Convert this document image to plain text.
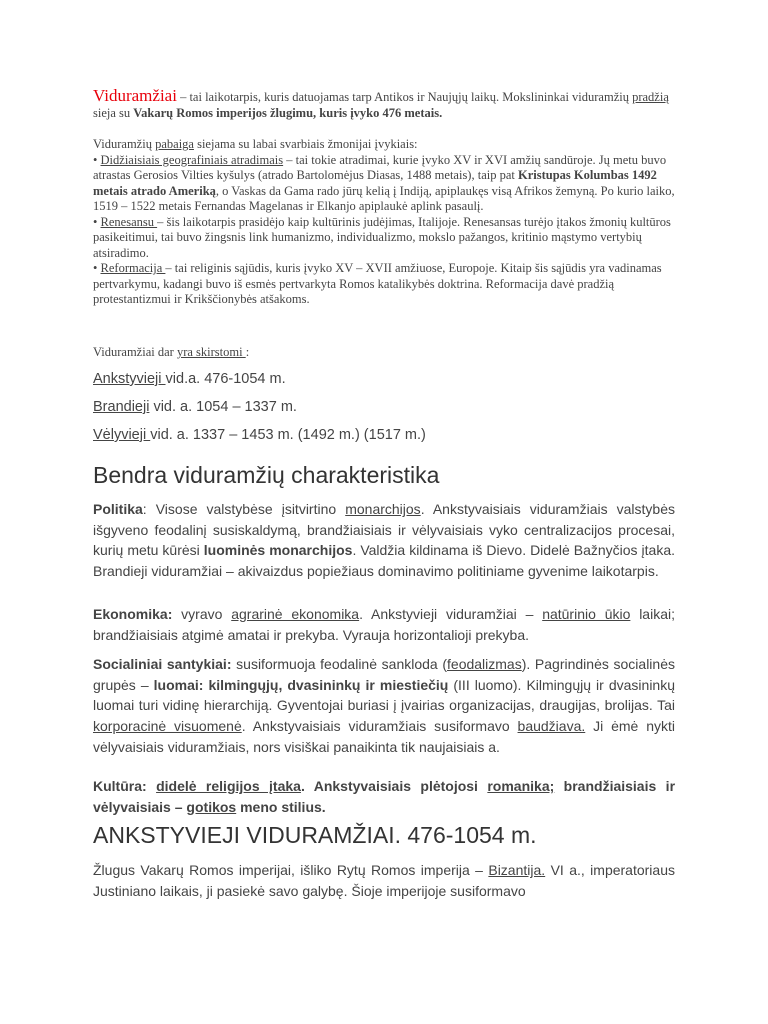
Viduramžiai – tai laikotarpis, kuris datuojamas tarp Antikos ir Naujųjų laikų. Mokslininkai viduramžių pradžią sieja su Vakarų Romos imperijos žlugimu, kuris įvyko 476 metais.

Viduramžių pabaiga siejama su labai svarbiais žmonijai įvykiais:

• Didžiaisiais geografiniais atradimais – tai tokie atradimai, kurie įvyko XV ir XVI amžių sandūroje. Jų metu buvo atrastas Gerosios Vilties kyšulys (atrado Bartolomėjus Diasas, 1488 metais), taip pat Kristupas Kolumbas 1492 metais atrado Ameriką, o Vaskas da Gama rado jūrų kelią į Indiją, apiplaukęs visą Afrikos žemyną. Po kurio laiko, 1519 – 1522 metais Fernandas Magelanas ir Elkanjo apiplaukė aplink pasaulį.

• Renesansu – šis laikotarpis prasidėjo kaip kultūrinis judėjimas, Italijoje. Renesansas turėjo įtakos žmonių kultūros pasikeitimui, tai buvo žingsnis link humanizmo, individualizmo, mokslo pažangos, kritinio mąstymo vertybių atsiradimo.

• Reformacija – tai religinis sąjūdis, kuris įvyko XV – XVII amžiuose, Europoje. Kitaip šis sąjūdis yra vadinamas pertvarkymu, kadangi buvo iš esmės pertvarkyta Romos katalikybės doktrina. Reformacija davė pradžią protestantizmui ir Krikščionybės atšakoms.

Viduramžiai dar yra skirstomi :
Ankstyvieji vid.a. 476-1054 m.
Brandieji vid. a. 1054 – 1337 m.
Vėlyvieji vid. a. 1337 – 1453 m. (1492 m.) (1517 m.)
Bendra viduramžių charakteristika

Politika: Visose valstybėse įsitvirtino monarchijos. Ankstyvaisiais viduramžiais valstybės išgyveno feodalinį susiskaldymą, brandžiaisiais ir vėlyvaisiais vyko centralizacijos procesai, kurių metu kūrėsi luominės monarchijos. Valdžia kildinama iš Dievo. Didelė Bažnyčios įtaka. Brandieji viduramžiai – akivaizdus popiežiaus dominavimo politiniame gyvenime laikotarpis.

Ekonomika: vyravo agrarinė ekonomika. Ankstyvieji viduramžiai – natūrinio ūkio laikai; brandžiaisiais atgimė amatai ir prekyba. Vyrauja horizontalioji prekyba.

Socialiniai santykiai: susiformuoja feodalinė sankloda (feodalizmas). Pagrindinės socialinės grupės – luomai: kilmingųjų, dvasininkų ir miestiečių (III luomo). Kilmingųjų ir dvasininkų luomai turi vidinę hierarchiją. Gyventojai buriasi į įvairias organizacijas, draugijas, brolijas. Tai korporacinė visuomenė. Ankstyvaisiais viduramžiais susiformavo baudžiava. Ji ėmė nykti vėlyvaisiais viduramžiais, nors visiškai panaikinta tik naujaisiais a.

Kultūra: didelė religijos įtaka. Ankstyvaisiais plėtojosi romanika; brandžiaisiais ir vėlyvaisiais – gotikos meno stilius.

ANKSTYVIEJI VIDURAMŽIAI. 476-1054 m.

Žlugus Vakarų Romos imperijai, išliko Rytų Romos imperija – Bizantija. VI a., imperatoriaus Justiniano laikais, ji pasiekė savo galybę. Šioje imperijoje susiformavo
